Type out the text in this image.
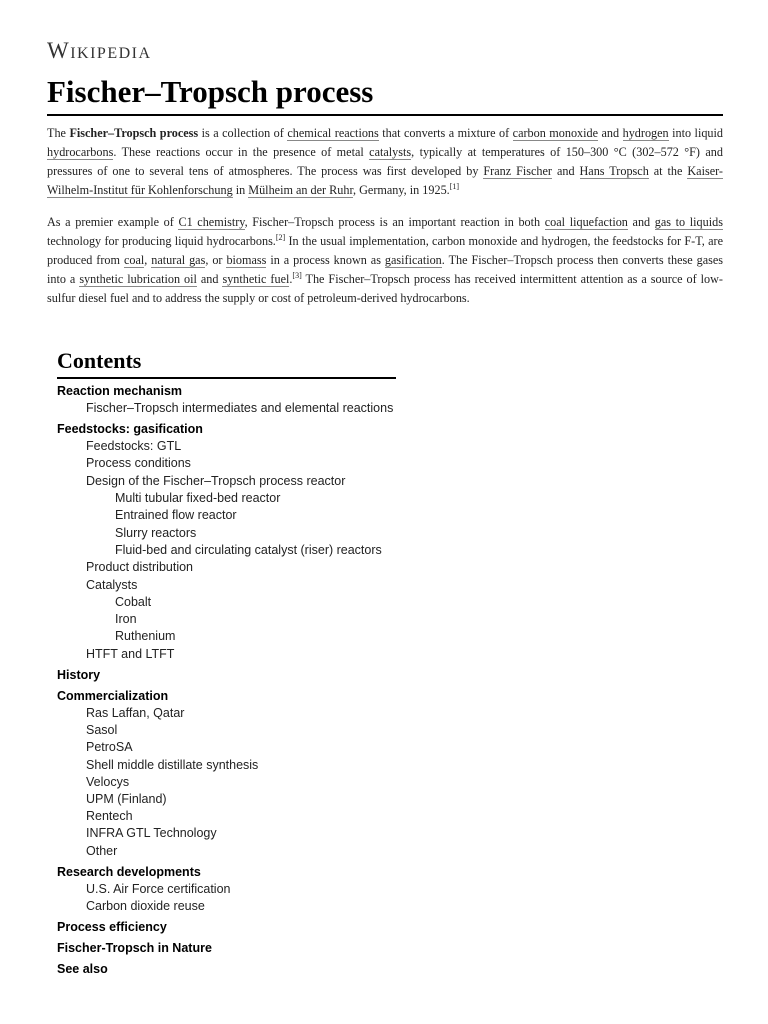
Wikipedia
Fischer–Tropsch process

The Fischer–Tropsch process is a collection of chemical reactions that converts a mixture of carbon monoxide and hydrogen into liquid hydrocarbons. These reactions occur in the presence of metal catalysts, typically at temperatures of 150–300 °C (302–572 °F) and pressures of one to several tens of atmospheres. The process was first developed by Franz Fischer and Hans Tropsch at the Kaiser-Wilhelm-Institut für Kohlenforschung in Mülheim an der Ruhr, Germany, in 1925.[1]

As a premier example of C1 chemistry, Fischer–Tropsch process is an important reaction in both coal liquefaction and gas to liquids technology for producing liquid hydrocarbons.[2] In the usual implementation, carbon monoxide and hydrogen, the feedstocks for F-T, are produced from coal, natural gas, or biomass in a process known as gasification. The Fischer–Tropsch process then converts these gases into a synthetic lubrication oil and synthetic fuel.[3] The Fischer–Tropsch process has received intermittent attention as a source of low-sulfur diesel fuel and to address the supply or cost of petroleum-derived hydrocarbons.

Contents
Reaction mechanism
Fischer–Tropsch intermediates and elemental reactions
Feedstocks: gasification
Feedstocks: GTL
Process conditions
Design of the Fischer–Tropsch process reactor
Multi tubular fixed-bed reactor
Entrained flow reactor
Slurry reactors
Fluid-bed and circulating catalyst (riser) reactors
Product distribution
Catalysts
Cobalt
Iron
Ruthenium
HTFT and LTFT
History
Commercialization
Ras Laffan, Qatar
Sasol
PetroSA
Shell middle distillate synthesis
Velocys
UPM (Finland)
Rentech
INFRA GTL Technology
Other
Research developments
U.S. Air Force certification
Carbon dioxide reuse
Process efficiency
Fischer-Tropsch in Nature
See also
